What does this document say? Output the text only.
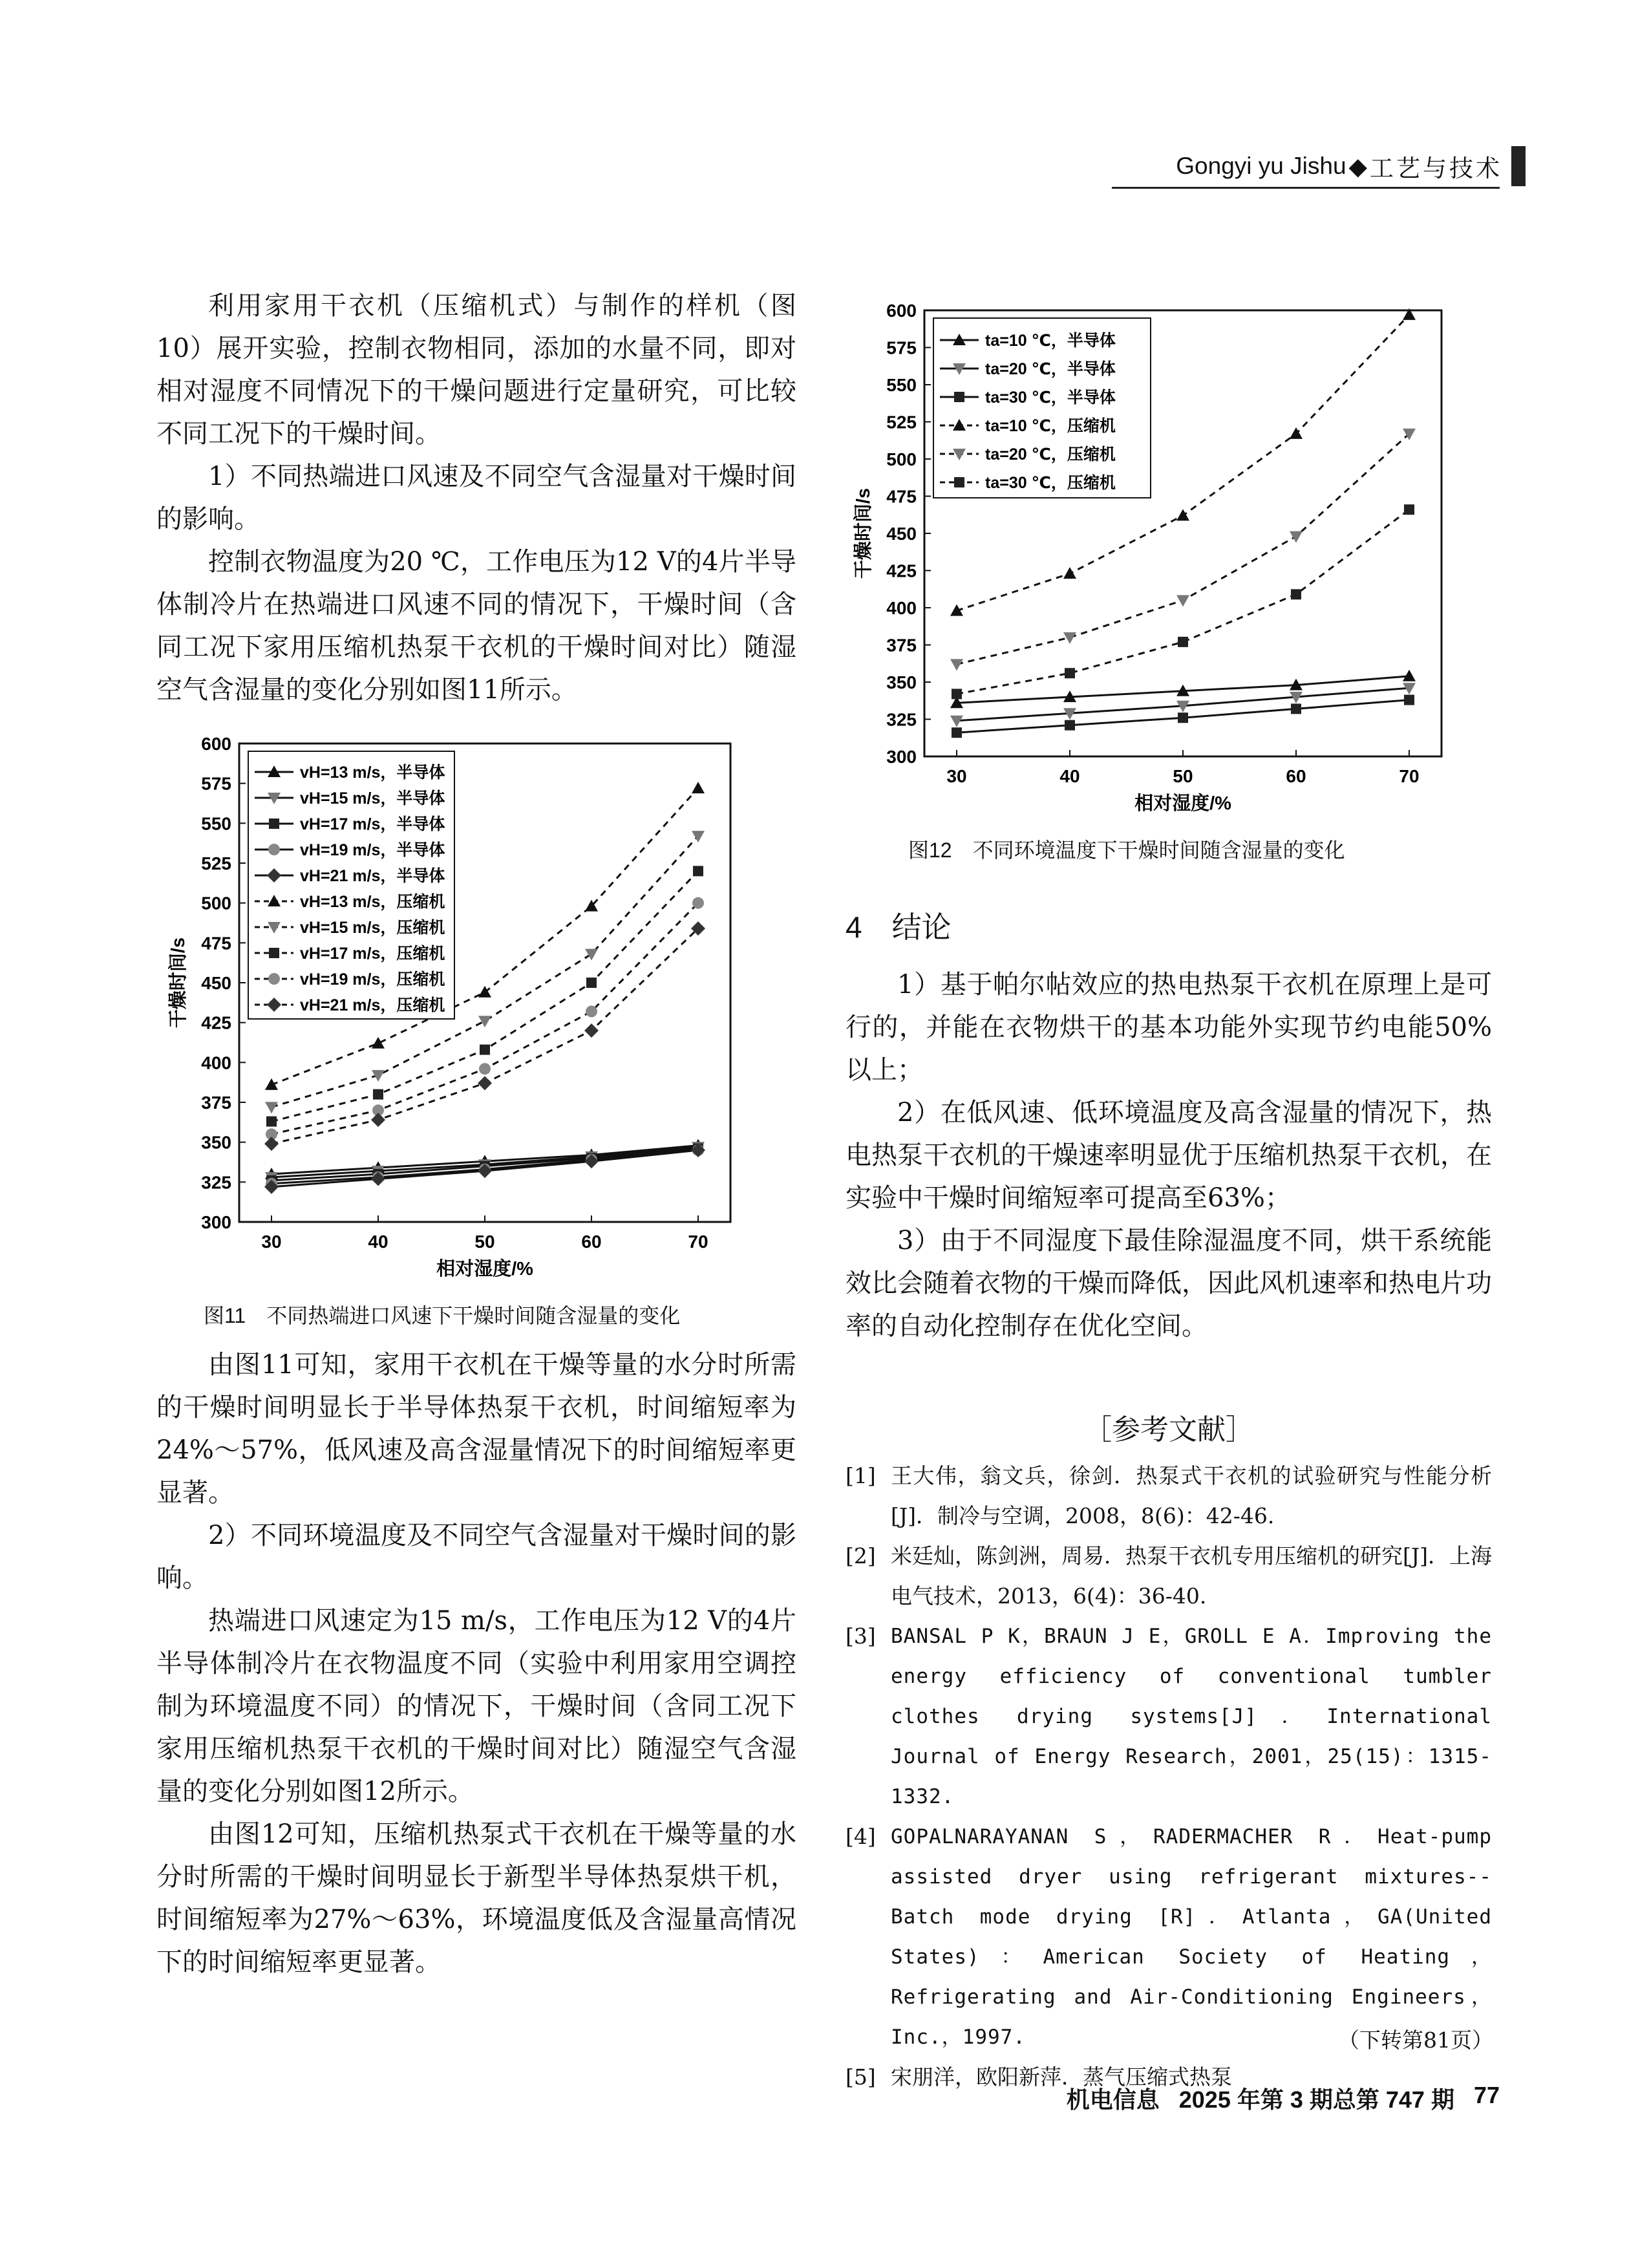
Gongyi yu Jishu ◆ 工艺与技术

利用家用干衣机（压缩机式）与制作的样机（图10）展开实验，控制衣物相同，添加的水量不同，即对相对湿度不同情况下的干燥问题进行定量研究，可比较不同工况下的干燥时间。

1）不同热端进口风速及不同空气含湿量对干燥时间的影响。

控制衣物温度为20 ℃，工作电压为12 V的4片半导体制冷片在热端进口风速不同的情况下，干燥时间（含同工况下家用压缩机热泵干衣机的干燥时间对比）随湿空气含湿量的变化分别如图11所示。

300
325
350
375
400
425
450
475
500
525
550
575
600
30	40	50	60	70
相对湿度/%
干燥时间/s
vH=13 m/s，半导体
vH=15 m/s，半导体
vH=17 m/s，半导体
vH=19 m/s，半导体
vH=21 m/s，半导体
vH=13 m/s，压缩机
vH=15 m/s，压缩机
vH=17 m/s，压缩机
vH=19 m/s，压缩机
vH=21 m/s，压缩机
图11　不同热端进口风速下干燥时间随含湿量的变化

由图11可知，家用干衣机在干燥等量的水分时所需的干燥时间明显长于半导体热泵干衣机，时间缩短率为24%～57%，低风速及高含湿量情况下的时间缩短率更显著。

2）不同环境温度及不同空气含湿量对干燥时间的影响。

热端进口风速定为15 m/s，工作电压为12 V的4片半导体制冷片在衣物温度不同（实验中利用家用空调控制为环境温度不同）的情况下，干燥时间（含同工况下家用压缩机热泵干衣机的干燥时间对比）随湿空气含湿量的变化分别如图12所示。

由图12可知，压缩机热泵式干衣机在干燥等量的水分时所需的干燥时间明显长于新型半导体热泵烘干机，时间缩短率为27%～63%，环境温度低及含湿量高情况下的时间缩短率更显著。

300
325
350
375
400
425
450
475
500
525
550
575
600
30	40	50	60	70
相对湿度/%
干燥时间/s
ta=10 ℃，半导体
ta=20 ℃，半导体
ta=30 ℃，半导体
ta=10 ℃，压缩机
ta=20 ℃，压缩机
ta=30 ℃，压缩机
图12　不同环境温度下干燥时间随含湿量的变化
4　结论

1）基于帕尔帖效应的热电热泵干衣机在原理上是可行的，并能在衣物烘干的基本功能外实现节约电能50%以上；

2）在低风速、低环境温度及高含湿量的情况下，热电热泵干衣机的干燥速率明显优于压缩机热泵干衣机，在实验中干燥时间缩短率可提高至63%；

3）由于不同湿度下最佳除湿温度不同，烘干系统能效比会随着衣物的干燥而降低，因此风机速率和热电片功率的自动化控制存在优化空间。

［参考文献］
[1] 王大伟，翁文兵，徐剑．热泵式干衣机的试验研究与性能分析[J]．制冷与空调，2008，8(6)：42-46.
[2] 米廷灿，陈剑洲，周易．热泵干衣机专用压缩机的研究[J]．上海电气技术，2013，6(4)：36-40.
[3] BANSAL P K，BRAUN J E，GROLL E A．Improving the energy efficiency of conventional tumbler clothes drying systems[J]．International Journal of Energy Research，2001，25(15)：1315-1332.
[4] GOPALNARAYANAN S，RADERMACHER R．Heat-pump assisted dryer using refrigerant mixtures--Batch mode drying [R]．Atlanta，GA(United States)：American Society of Heating，Refrigerating and Air-Conditioning Engineers，Inc.，1997.
[5] 宋朋洋，欧阳新萍．蒸气压缩式热泵
（下转第81页）
机电信息 2025 年第 3 期总第 747 期 77
